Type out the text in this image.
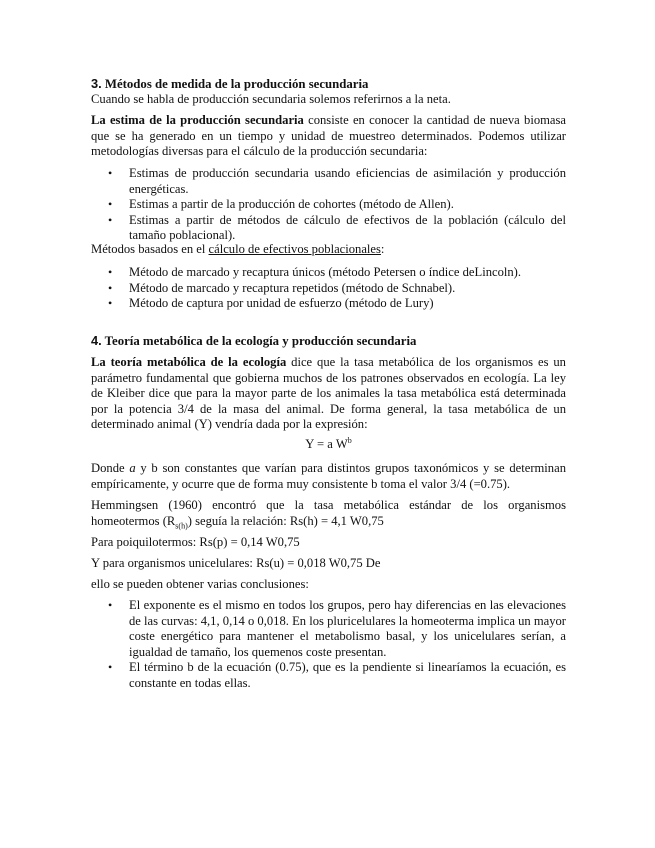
3. Métodos de medida de la producción secundaria

Cuando se habla de producción secundaria solemos referirnos a la neta.

La estima de la producción secundaria consiste en conocer la cantidad de nueva biomasa que se ha generado en un tiempo y unidad de muestreo determinados. Podemos utilizar metodologías diversas para el cálculo de la producción secundaria:

• Estimas de producción secundaria usando eficiencias de asimilación y producción energéticas.
• Estimas a partir de la producción de cohortes (método de Allen).
• Estimas a partir de métodos de cálculo de efectivos de la población (cálculo del tamaño poblacional).

Métodos basados en el cálculo de efectivos poblacionales:

• Método de marcado y recaptura únicos (método Petersen o índice deLincoln).
• Método de marcado y recaptura repetidos (método de Schnabel).
• Método de captura por unidad de esfuerzo (método de Lury)
4. Teoría metabólica de la ecología y producción secundaria

La teoría metabólica de la ecología dice que la tasa metabólica de los organismos es un parámetro fundamental que gobierna muchos de los patrones observados en ecología. La ley de Kleiber dice que para la mayor parte de los animales la tasa metabólica está determinada por la potencia 3/4 de la masa del animal. De forma general, la tasa metabólica de un determinado animal (Y) vendría dada por la expresión:

Y = a $W^b$

Donde a y b son constantes que varían para distintos grupos taxonómicos y se determinan empíricamente, y ocurre que de forma muy consistente b toma el valor 3/4 (=0.75).

Hemmingsen (1960) encontró que la tasa metabólica estándar de los organismos homeotermos $(R_{s(h)})$ seguía la relación: Rs(h) = 4,1 W0,75

Para poiquilotermos: Rs(p) = 0,14 W0,75

Y para organismos unicelulares: Rs(u) = 0,018 W0,75 De

ello se pueden obtener varias conclusiones:

• El exponente es el mismo en todos los grupos, pero hay diferencias en las elevaciones de las curvas: 4,1, 0,14 o 0,018. En los pluricelulares la homeoterma implica un mayor coste energético para mantener el metabolismo basal, y los unicelulares serían, a igualdad de tamaño, los quemenos coste presentan.
• El término b de la ecuación (0.75), que es la pendiente si linearíamos la ecuación, es constante en todas ellas.
